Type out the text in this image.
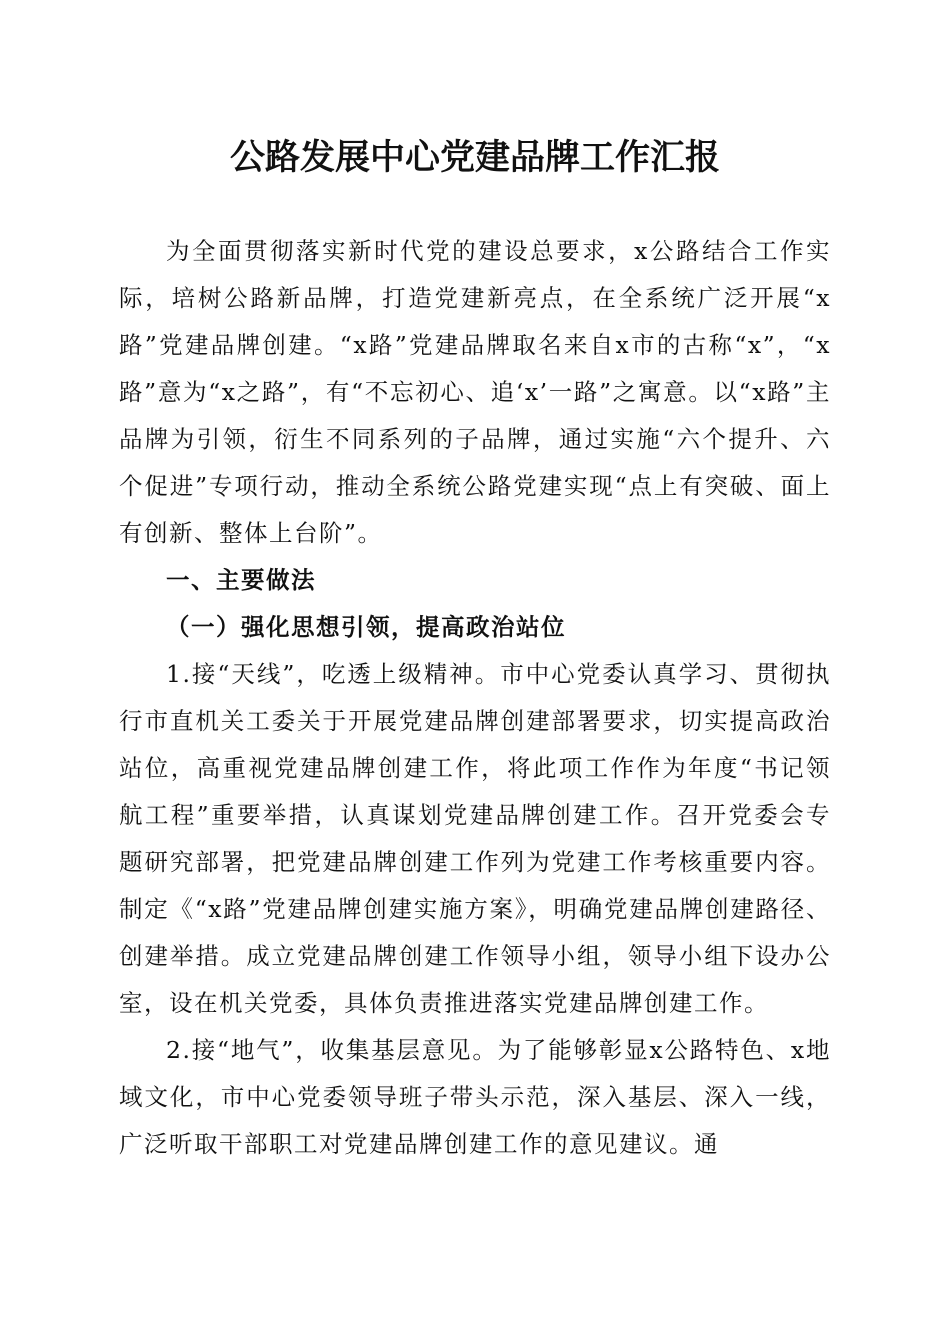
公路发展中心党建品牌工作汇报

为全面贯彻落实新时代党的建设总要求，x公路结合工作实际，培树公路新品牌，打造党建新亮点，在全系统广泛开展“x路”党建品牌创建。“x路”党建品牌取名来自x市的古称“x”，“x路”意为“x之路”，有“不忘初心、追‘x’一路”之寓意。以“x路”主品牌为引领，衍生不同系列的子品牌，通过实施“六个提升、六个促进”专项行动，推动全系统公路党建实现“点上有突破、面上有创新、整体上台阶”。

一、主要做法

（一）强化思想引领，提高政治站位

1.接“天线”，吃透上级精神。市中心党委认真学习、贯彻执行市直机关工委关于开展党建品牌创建部署要求，切实提高政治站位，高重视党建品牌创建工作，将此项工作作为年度“书记领航工程”重要举措，认真谋划党建品牌创建工作。召开党委会专题研究部署，把党建品牌创建工作列为党建工作考核重要内容。制定《“x路”党建品牌创建实施方案》，明确党建品牌创建路径、创建举措。成立党建品牌创建工作领导小组，领导小组下设办公室，设在机关党委，具体负责推进落实党建品牌创建工作。

2.接“地气”，收集基层意见。为了能够彰显x公路特色、x地域文化，市中心党委领导班子带头示范，深入基层、深入一线，广泛听取干部职工对党建品牌创建工作的意见建议。通
